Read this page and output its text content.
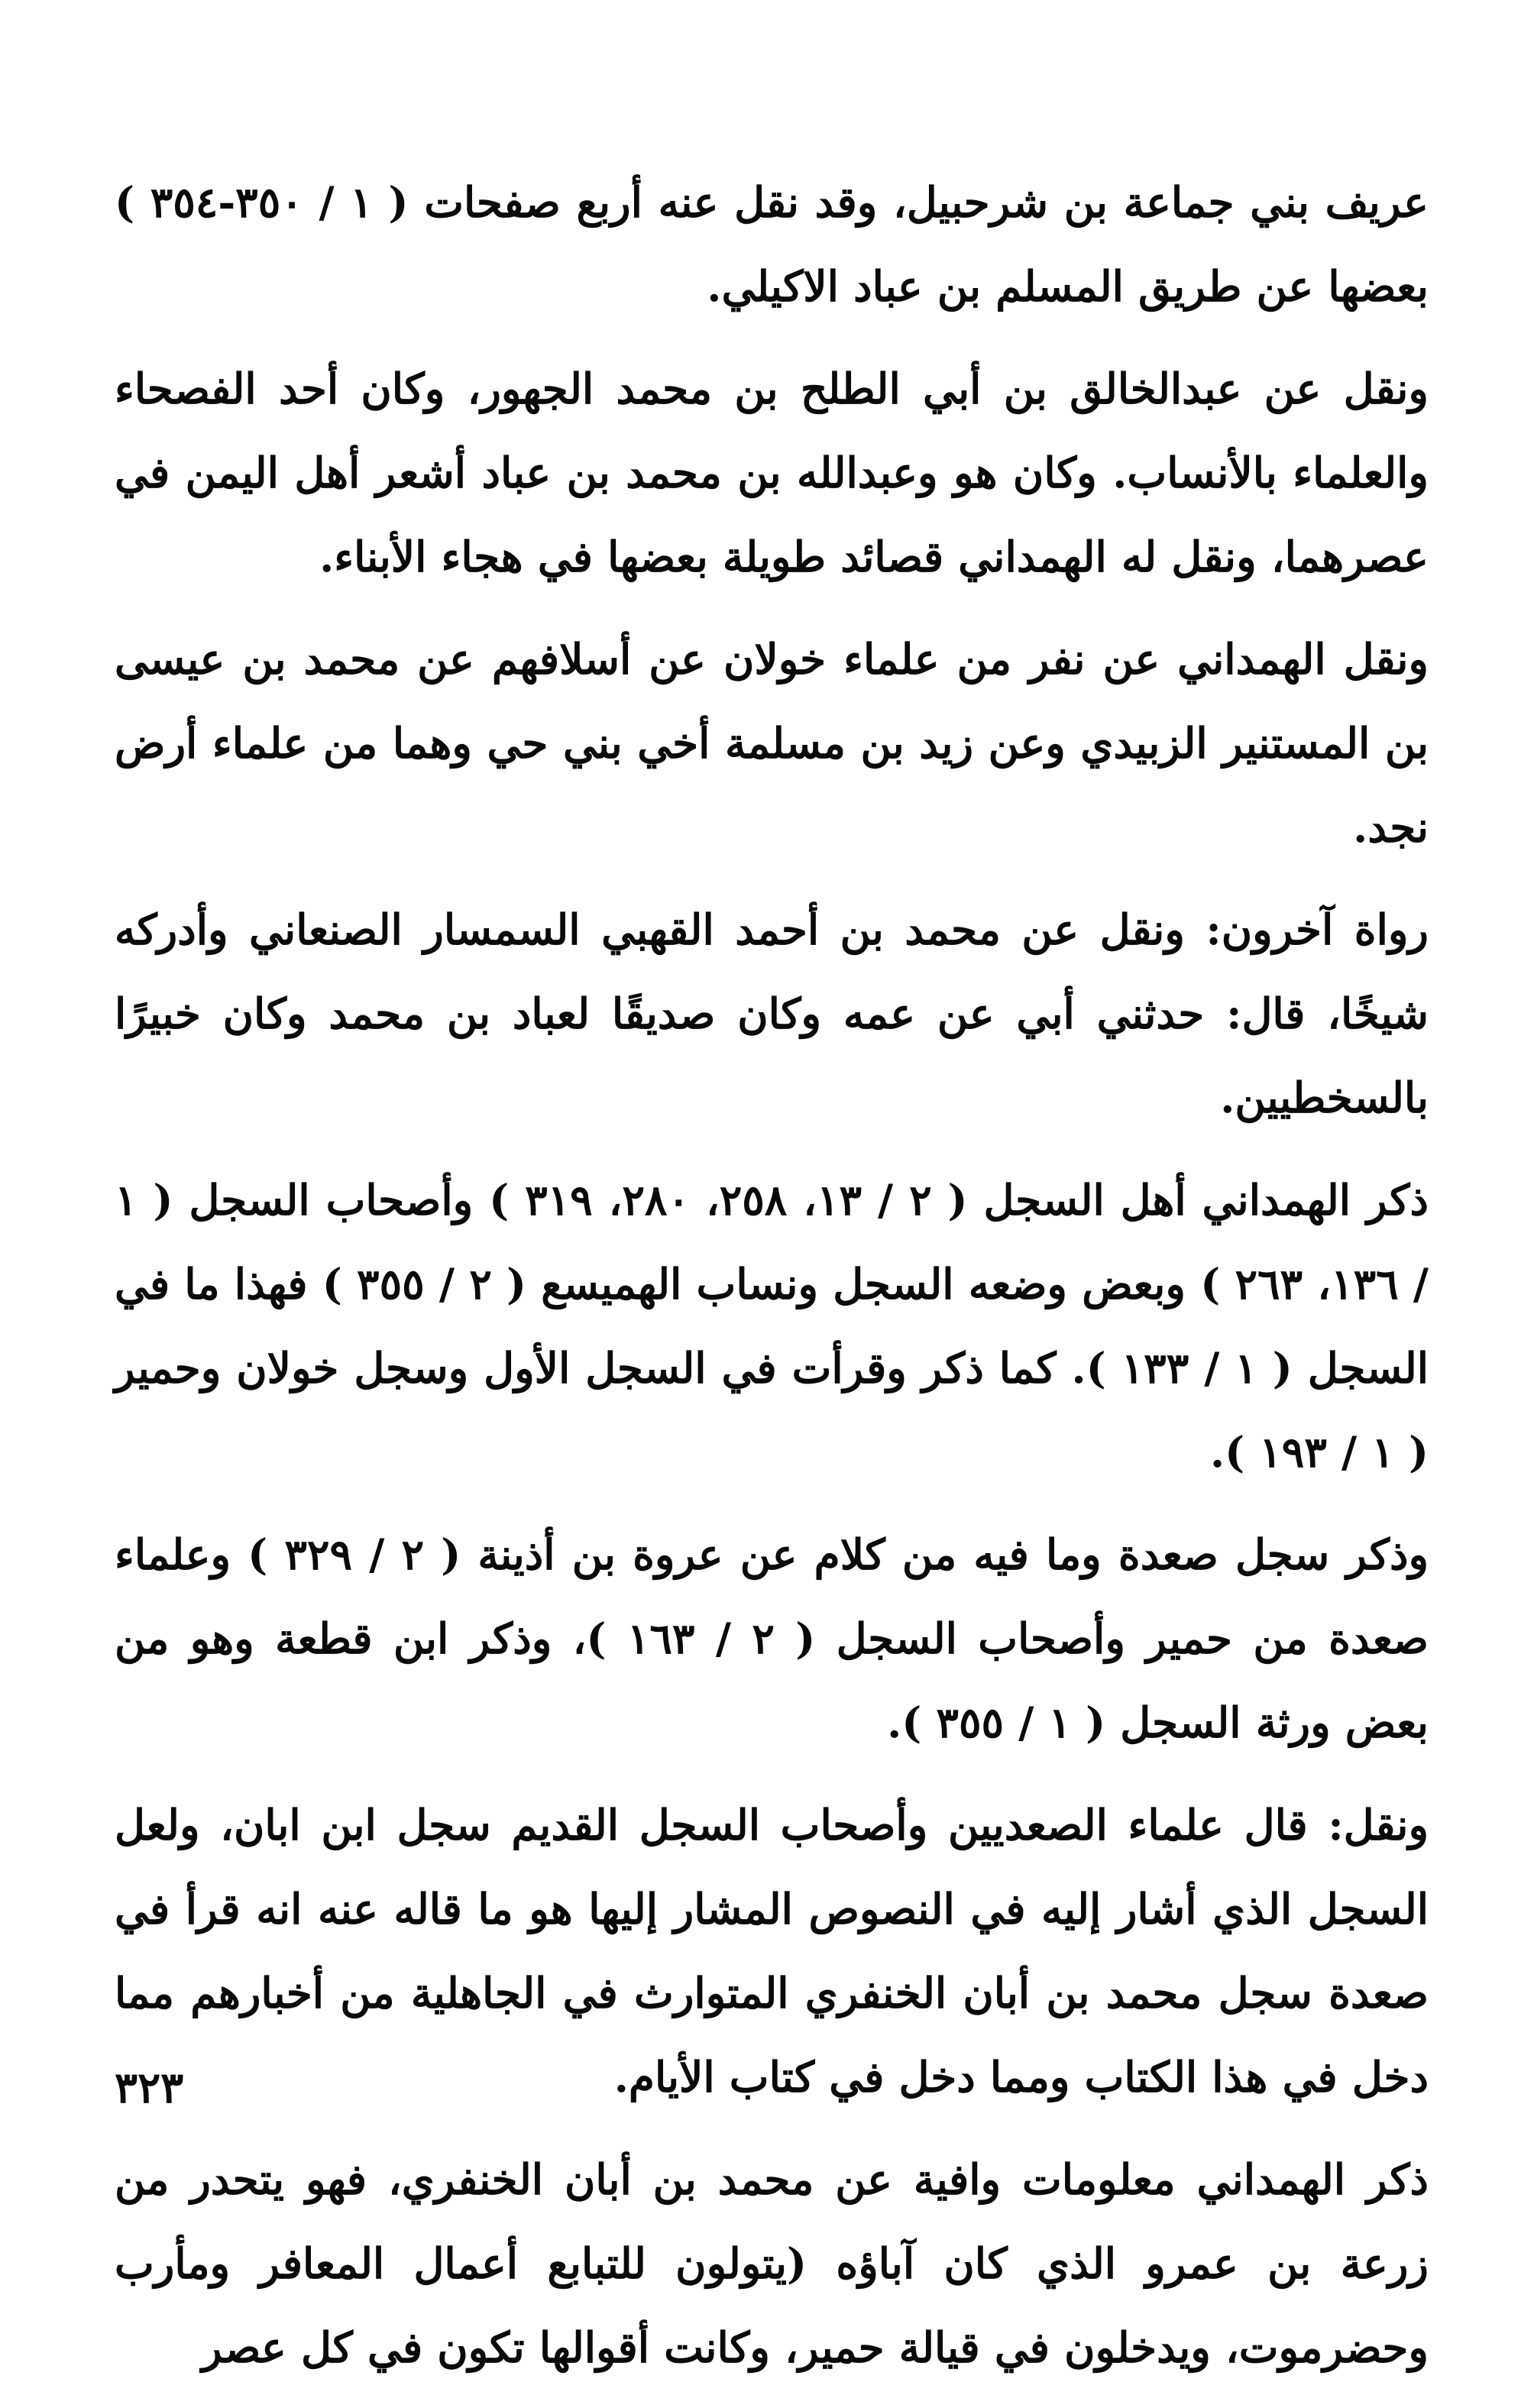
عريف بني جماعة بن شرحبيل، وقد نقل عنه أربع صفحات ( ١ / ٣٥٠-٣٥٤ ) بعضها عن طريق المسلم بن عباد الاكيلي.

ونقل عن عبدالخالق بن أبي الطلح بن محمد الجهور، وكان أحد الفصحاء والعلماء بالأنساب. وكان هو وعبدالله بن محمد بن عباد أشعر أهل اليمن في عصرهما، ونقل له الهمداني قصائد طويلة بعضها في هجاء الأبناء.

ونقل الهمداني عن نفر من علماء خولان عن أسلافهم عن محمد بن عيسى بن المستنير الزبيدي وعن زيد بن مسلمة أخي بني حي وهما من علماء أرض نجد.

رواة آخرون: ونقل عن محمد بن أحمد القهبي السمسار الصنعاني وأدركه شيخًا، قال: حدثني أبي عن عمه وكان صديقًا لعباد بن محمد وكان خبيرًا بالسخطيين.

ذكر الهمداني أهل السجل ( ٢ / ١٣، ٢٥٨، ٢٨٠، ٣١٩ ) وأصحاب السجل ( ١ / ١٣٦، ٢٦٣ ) وبعض وضعه السجل ونساب الهميسع ( ٢ / ٣٥٥ ) فهذا ما في السجل ( ١ / ١٣٣ ). كما ذكر وقرأت في السجل الأول وسجل خولان وحمير ( ١ / ١٩٣ ).

وذكر سجل صعدة وما فيه من كلام عن عروة بن أذينة ( ٢ / ٣٢٩ ) وعلماء صعدة من حمير وأصحاب السجل ( ٢ / ١٦٣ )، وذكر ابن قطعة وهو من بعض ورثة السجل ( ١ / ٣٥٥ ).

ونقل: قال علماء الصعديين وأصحاب السجل القديم سجل ابن ابان، ولعل السجل الذي أشار إليه في النصوص المشار إليها هو ما قاله عنه انه قرأ في صعدة سجل محمد بن أبان الخنفري المتوارث في الجاهلية من أخبارهم مما دخل في هذا الكتاب ومما دخل في كتاب الأيام.

ذكر الهمداني معلومات وافية عن محمد بن أبان الخنفري، فهو يتحدر من زرعة بن عمرو الذي كان آباؤه (يتولون للتبابع أعمال المعافر ومأرب وحضرموت، ويدخلون في قيالة حمير، وكانت أقوالها تكون في كل عصر

٣٢٣
